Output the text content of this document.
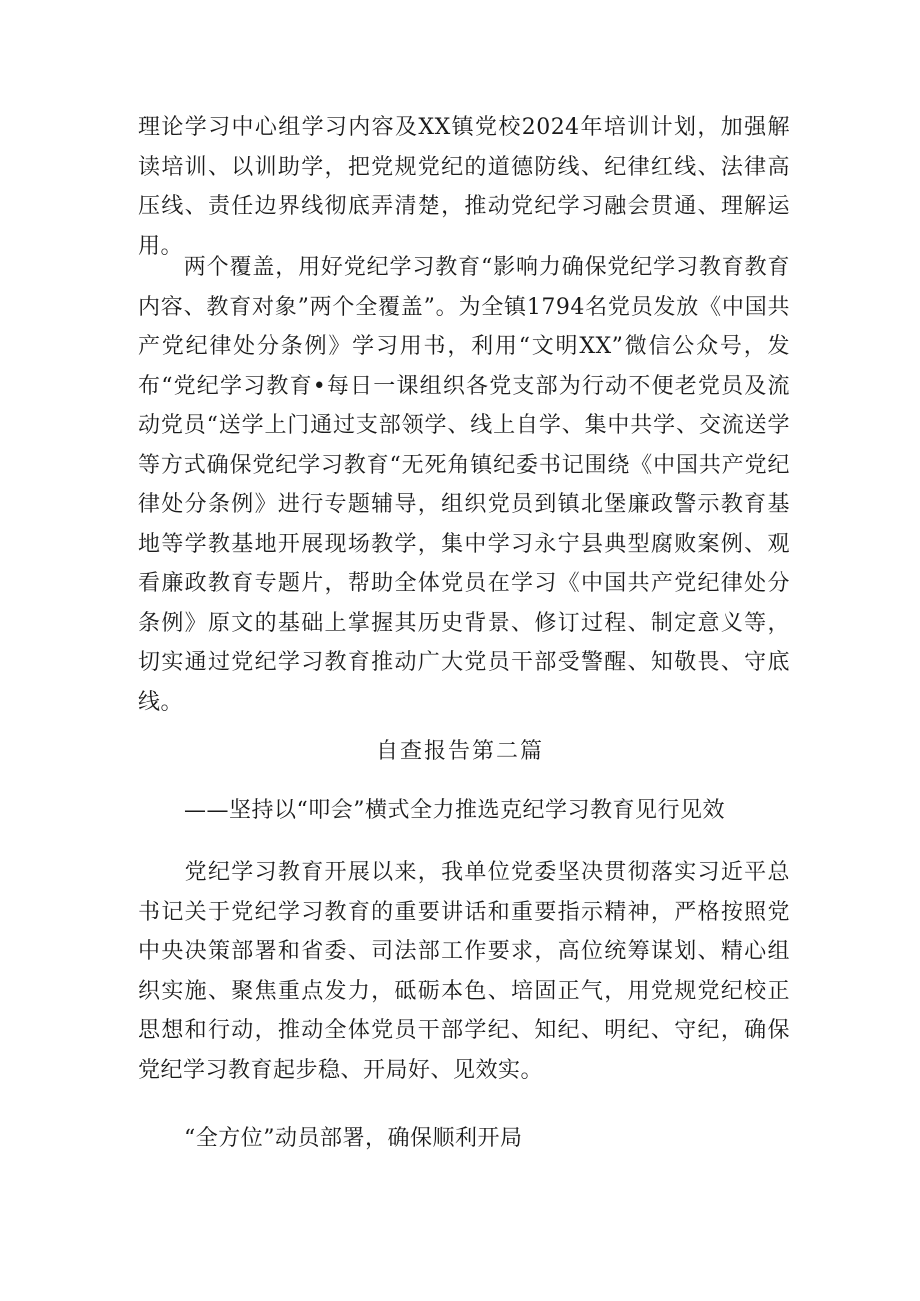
理论学习中心组学习内容及XX镇党校2024年培训计划，加强解读培训、以训助学，把党规党纪的道德防线、纪律红线、法律高压线、责任边界线彻底弄清楚，推动党纪学习融会贯通、理解运用。

　　两个覆盖，用好党纪学习教育“影响力确保党纪学习教育教育内容、教育对象”两个全覆盖”。为全镇1794名党员发放《中国共产党纪律处分条例》学习用书，利用“文明XX”微信公众号，发布“党纪学习教育•每日一课组织各党支部为行动不便老党员及流动党员“送学上门通过支部领学、线上自学、集中共学、交流送学等方式确保党纪学习教育“无死角镇纪委书记围绕《中国共产党纪律处分条例》进行专题辅导，组织党员到镇北堡廉政警示教育基地等学教基地开展现场教学，集中学习永宁县典型腐败案例、观看廉政教育专题片，帮助全体党员在学习《中国共产党纪律处分条例》原文的基础上掌握其历史背景、修订过程、制定意义等，切实通过党纪学习教育推动广大党员干部受警醒、知敬畏、守底线。

自查报告第二篇

——坚持以“叩会”横式全力推选克纪学习教育见行见效

　　党纪学习教育开展以来，我单位党委坚决贯彻落实习近平总书记关于党纪学习教育的重要讲话和重要指示精神，严格按照党中央决策部署和省委、司法部工作要求，高位统筹谋划、精心组织实施、聚焦重点发力，砥砺本色、培固正气，用党规党纪校正思想和行动，推动全体党员干部学纪、知纪、明纪、守纪，确保党纪学习教育起步稳、开局好、见效实。

“全方位”动员部署，确保顺利开局
